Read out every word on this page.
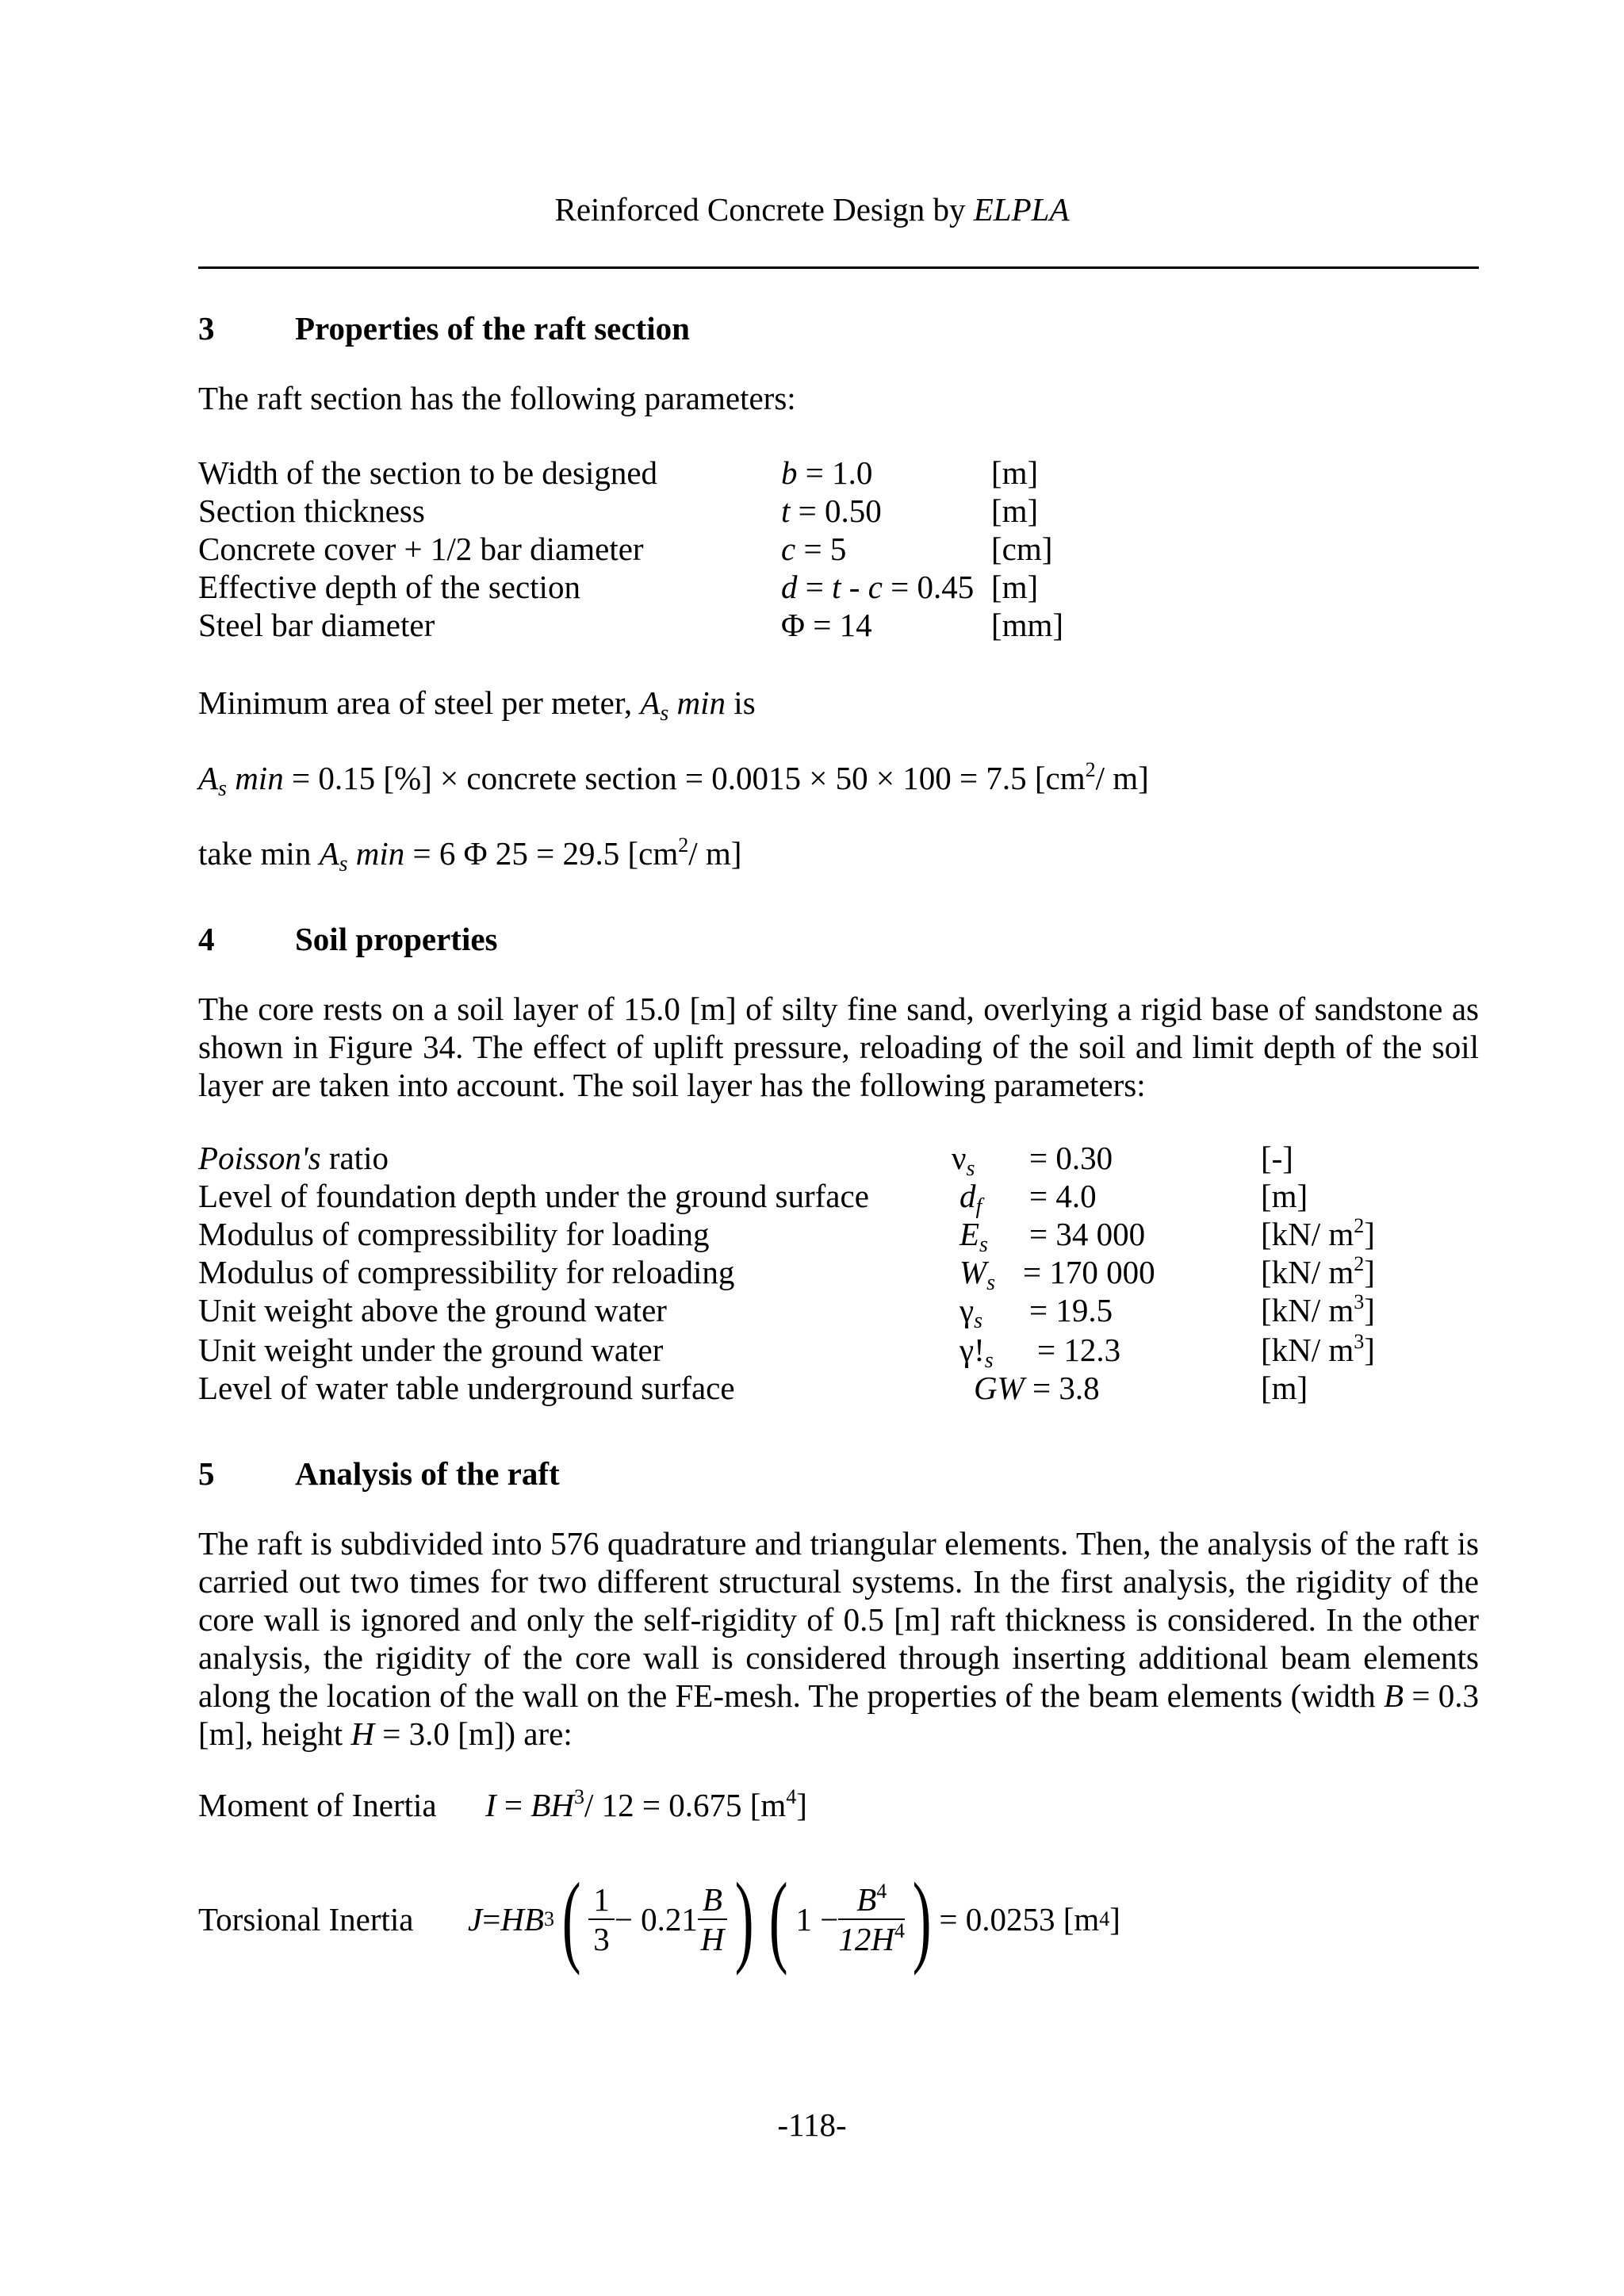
Reinforced Concrete Design by ELPLA
3 Properties of the raft section
The raft section has the following parameters:
Width of the section to be designed	b = 1.0	[m]
Section thickness	t = 0.50	[m]
Concrete cover + 1/2 bar diameter	c = 5	[cm]
Effective depth of the section	d = t - c = 0.45 [m]
Steel bar diameter	Φ = 14	[mm]
Minimum area of steel per meter, $A_s$ min is
$A_s$ min = 0.15 [%] × concrete section = 0.0015 × 50 × 100 = 7.5 [$cm^2/$ m]
take $\min A_s$ min = 6 Φ 25 = 29.5 [$cm^2/$ m]
4 Soil properties
The core rests on a soil layer of 15.0 [m] of silty fine sand, overlying a rigid base of sandstone as shown in Figure 34. The effect of uplift pressure, reloading of the soil and limit depth of the soil layer are taken into account. The soil layer has the following parameters:
Poisson's ratio	$\nu_s = 0.30$	[-]
Level of foundation depth under the ground surface	$d_f = 4.0$	[m]
Modulus of compressibility for loading	$E_s = 34$ 000	[kN/ $m^2$]
Modulus of compressibility for reloading	$W_s = 170$ 000	[kN/ $m^2$]
Unit weight above the ground water	$\gamma_s = 19.5$	[kN/ $m^3$]
Unit weight under the ground water	$\gamma!_s = 12.3$	[kN/ $m^3$]
Level of water table underground surface	GW = 3.8	[m]
5 Analysis of the raft
The raft is subdivided into 576 quadrature and triangular elements. Then, the analysis of the raft is carried out two times for two different structural systems. In the first analysis, the rigidity of the core wall is ignored and only the self-rigidity of 0.5 [m] raft thickness is considered. In the other analysis, the rigidity of the core wall is considered through inserting additional beam elements along the location of the wall on the FE-mesh. The properties of the beam elements (width B = 0.3 [m], height H = 3.0 [m]) are:
Moment of Inertia $I = BH^3/$ 12 = 0.675 $[m^4]$
Torsional Inertia J = HB 3 ( $\frac{1}{3} - 0.21 \frac{B}{H}$ ) ( $1 - \frac{B^4}{12H^4}$ ) = 0.0253 [m 4 ]
-118-
